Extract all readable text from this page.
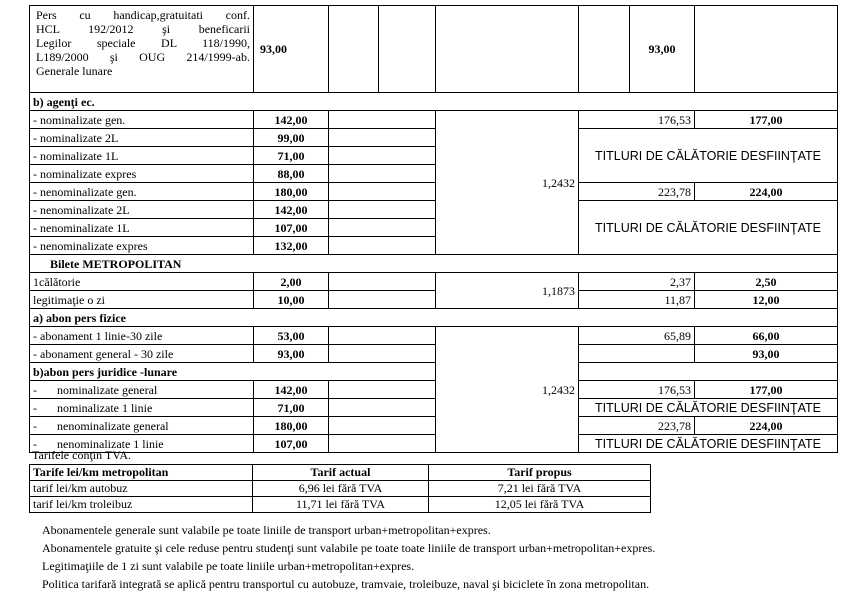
Pers cu handicap,gratuitati conf.
HCL 192/2012 şi beneficarii
Legilor speciale DL 118/1990,
L189/2000 şi OUG 214/1999-ab.
Generale lunare	93,00					93,00		
b) agenţi ec.								
- nominalizate gen.	142,00			1,2432	176,53		177,00	
- nominalizate 2L	99,00				TITLURI DE CĂLĂTORIE DESFIINŢATE			
- nominalizate 1L	71,00							
- nominalizate expres	88,00							
- nenominalizate gen.	180,00				223,78		224,00	
- nenominalizate 2L	142,00				TITLURI DE CĂLĂTORIE DESFIINŢATE			
- nenominalizate 1L	107,00							
- nenominalizate expres	132,00							
Bilete METROPOLITAN								
1călătorie	2,00			1,1873	2,37		2,50	
legitimaţie o zi	10,00				11,87		12,00	
a) abon pers fizice								
- abonament 1 linie-30 zile	53,00			1,2432	65,89		66,00	
- abonament general - 30 zile	93,00						93,00	
b)abon pers juridice -lunare								
- nominalizate general	142,00				176,53		177,00	
- nominalizate 1 linie	71,00				TITLURI DE CĂLĂTORIE DESFIINŢATE			
- nenominalizate general	180,00				223,78		224,00	
- nenominalizate 1 linie	107,00				TITLURI DE CĂLĂTORIE DESFIINŢATE			
Tarifele conţin TVA.
Tarife lei/km metropolitan	Tarif actual	Tarif propus
tarif lei/km autobuz	6,96 lei fără TVA	7,21 lei fără TVA
tarif lei/km troleibuz	11,71 lei fără TVA	12,05 lei fără TVA
Abonamentele generale sunt valabile pe toate liniile de transport urban+metropolitan+expres.
Abonamentele gratuite şi cele reduse pentru studenţi sunt valabile pe toate toate liniile de transport urban+metropolitan+expres.
Legitimaţiile de 1 zi sunt valabile pe toate liniile urban+metropolitan+expres.
Politica tarifară integrată se aplică pentru transportul cu autobuze, tramvaie, troleibuze, naval şi biciclete în zona metropolitan.
